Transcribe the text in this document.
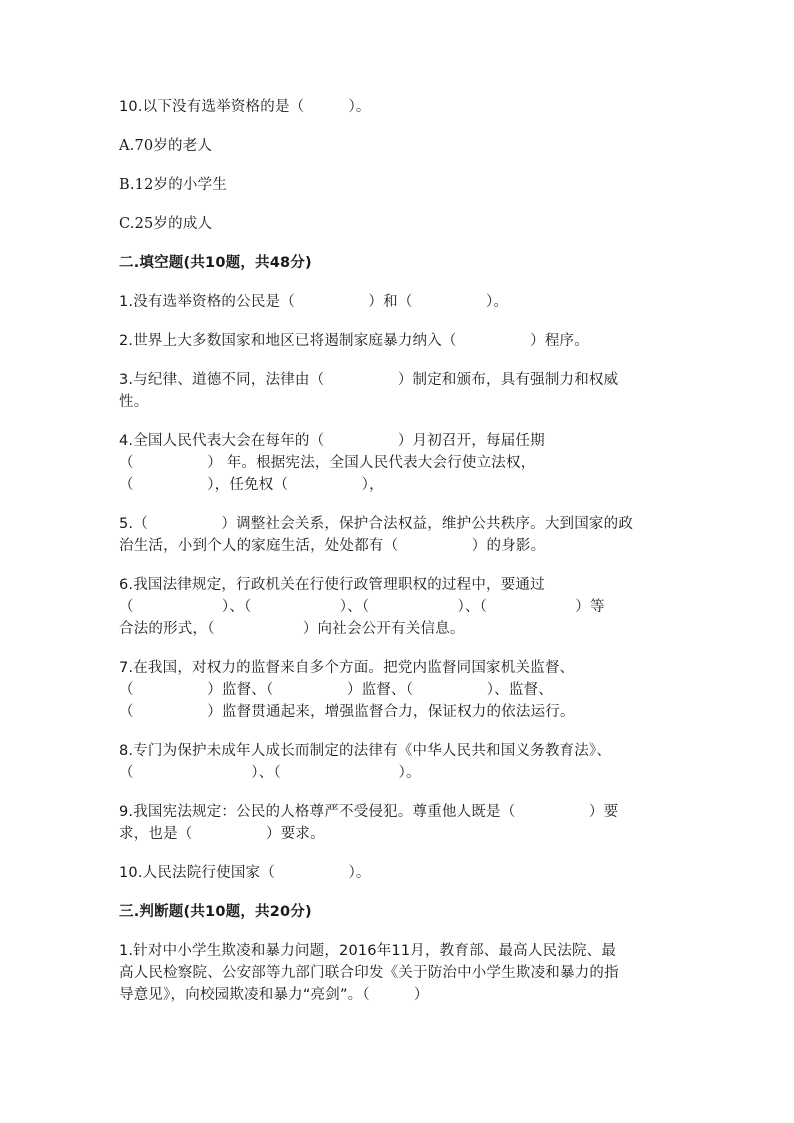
10.以下没有选举资格的是（　　　）。

A.70岁的老人

B.12岁的小学生

C.25岁的成人

二.填空题(共10题，共48分)

1.没有选举资格的公民是（　　　　　）和（　　　　　）。

2.世界上大多数国家和地区已将遏制家庭暴力纳入（　　　　　）程序。

3.与纪律、道德不同，法律由（　　　　　）制定和颁布，具有强制力和权威

性。

4.全国人民代表大会在每年的（　　　　　）月初召开，每届任期

（　　　　　） 年。根据宪法，全国人民代表大会行使立法权，

（　　　　　），任免权（　　　　　），

5.（　　　　　）调整社会关系，保护合法权益，维护公共秩序。大到国家的政

治生活，小到个人的家庭生活，处处都有（　　　　　）的身影。

6.我国法律规定，行政机关在行使行政管理职权的过程中，要通过

（　　　　　　）、（　　　　　　）、（　　　　　　）、（　　　　　　）等

合法的形式，（　　　　　　）向社会公开有关信息。

7.在我国，对权力的监督来自多个方面。把党内监督同国家机关监督、

（　　　　　）监督、（　　　　　）监督、（　　　　　）、监督、

（　　　　　）监督贯通起来，增强监督合力，保证权力的依法运行。

8.专门为保护未成年人成长而制定的法律有《中华人民共和国义务教育法》、

（　　　　　　　　）、（　　　　　　　　）。

9.我国宪法规定：公民的人格尊严不受侵犯。尊重他人既是（　　　　　）要

求，也是（　　　　　）要求。

10.人民法院行使国家（　　　　　）。

三.判断题(共10题，共20分)

1.针对中小学生欺凌和暴力问题，2016年11月，教育部、最高人民法院、最

高人民检察院、公安部等九部门联合印发《关于防治中小学生欺凌和暴力的指

导意见》，向校园欺凌和暴力“亮剑”。（　　　）
